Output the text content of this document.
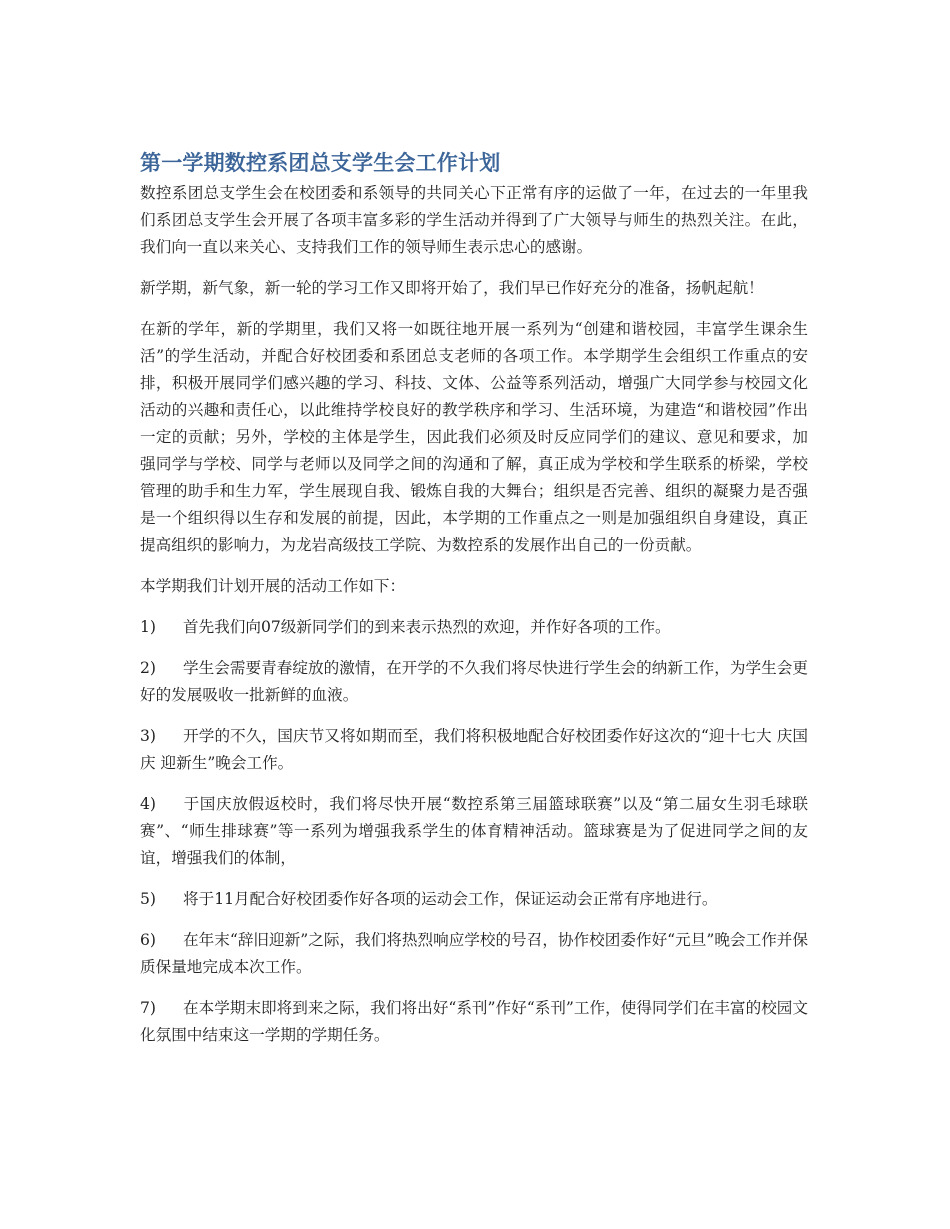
第一学期数控系团总支学生会工作计划

数控系团总支学生会在校团委和系领导的共同关心下正常有序的运做了一年，在过去的一年里我们系团总支学生会开展了各项丰富多彩的学生活动并得到了广大领导与师生的热烈关注。在此，我们向一直以来关心、支持我们工作的领导师生表示忠心的感谢。

新学期，新气象，新一轮的学习工作又即将开始了，我们早已作好充分的准备，扬帆起航！

在新的学年，新的学期里，我们又将一如既往地开展一系列为“创建和谐校园，丰富学生课余生活”的学生活动，并配合好校团委和系团总支老师的各项工作。本学期学生会组织工作重点的安排，积极开展同学们感兴趣的学习、科技、文体、公益等系列活动，增强广大同学参与校园文化活动的兴趣和责任心，以此维持学校良好的教学秩序和学习、生活环境，为建造“和谐校园”作出一定的贡献；另外，学校的主体是学生，因此我们必须及时反应同学们的建议、意见和要求，加强同学与学校、同学与老师以及同学之间的沟通和了解，真正成为学校和学生联系的桥梁，学校管理的助手和生力军，学生展现自我、锻炼自我的大舞台；组织是否完善、组织的凝聚力是否强是一个组织得以生存和发展的前提，因此，本学期的工作重点之一则是加强组织自身建设，真正提高组织的影响力，为龙岩高级技工学院、为数控系的发展作出自己的一份贡献。

本学期我们计划开展的活动工作如下：

1) 首先我们向07级新同学们的到来表示热烈的欢迎，并作好各项的工作。
2) 学生会需要青春绽放的激情，在开学的不久我们将尽快进行学生会的纳新工作，为学生会更好的发展吸收一批新鲜的血液。
3) 开学的不久，国庆节又将如期而至，我们将积极地配合好校团委作好这次的“迎十七大 庆国庆 迎新生”晚会工作。
4) 于国庆放假返校时，我们将尽快开展“数控系第三届篮球联赛”以及“第二届女生羽毛球联赛”、“师生排球赛”等一系列为增强我系学生的体育精神活动。篮球赛是为了促进同学之间的友谊，增强我们的体制，
5) 将于11月配合好校团委作好各项的运动会工作，保证运动会正常有序地进行。
6) 在年末“辞旧迎新”之际，我们将热烈响应学校的号召，协作校团委作好“元旦”晚会工作并保质保量地完成本次工作。
7) 在本学期末即将到来之际，我们将出好“系刊”作好“系刊”工作，使得同学们在丰富的校园文化氛围中结束这一学期的学期任务。
